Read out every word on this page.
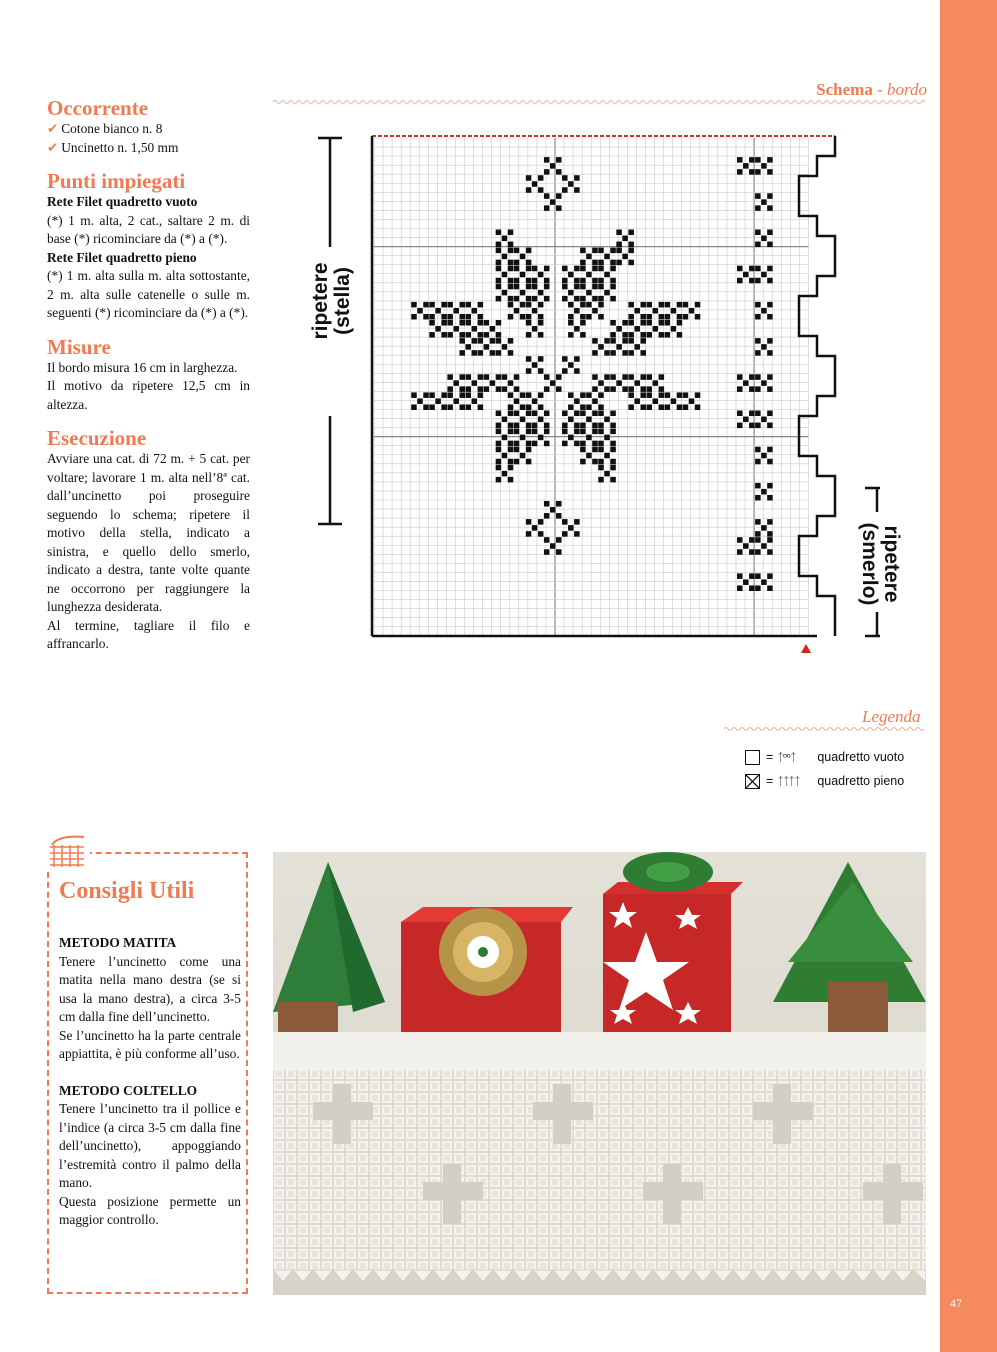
47
Occorrente

✔ Cotone bianco n. 8

✔ Uncinetto n. 1,50 mm

Punti impiegati

Rete Filet quadretto vuoto

(*) 1 m. alta, 2 cat., saltare 2 m. di base (*) ricominciare da (*) a (*).

Rete Filet quadretto pieno

(*) 1 m. alta sulla m. alta sottostante, 2 m. alta sulle catenelle o sulle m. seguenti (*) ricominciare da (*) a (*).

Misure

Il bordo misura 16 cm in larghezza.

Il motivo da ripetere 12,5 cm in altezza.

Esecuzione

Avviare una cat. di 72 m. + 5 cat. per voltare; lavorare 1 m. alta nell’8ª cat. dall’uncinetto poi proseguire seguendo lo schema; ripetere il motivo della stella, indicato a sinistra, e quello dello smerlo, indicato a destra, tante volte quante ne occorrono per raggiungere la lunghezza desiderata.

Al termine, tagliare il filo e affrancarlo.

Schema - bordo
ripetere (stella)
ripetere
(smerlo)
Legenda
= ᛏᵒᵒᛏ	quadretto vuoto
= ᛏᛏᛏᛏ	quadretto pieno
Consigli Utili

METODO MATITA

Tenere l’uncinetto come una matita nella mano destra (se si usa la mano destra), a circa 3-5 cm dalla fine dell’uncinetto.

Se l’uncinetto ha la parte centrale appiattita, è più conforme all’uso.

METODO COLTELLO

Tenere l’uncinetto tra il pollice e l’indice (a circa 3-5 cm dalla fine dell’uncinetto), appoggiando l’estremità contro il palmo della mano.

Questa posizione permette un maggior controllo.
